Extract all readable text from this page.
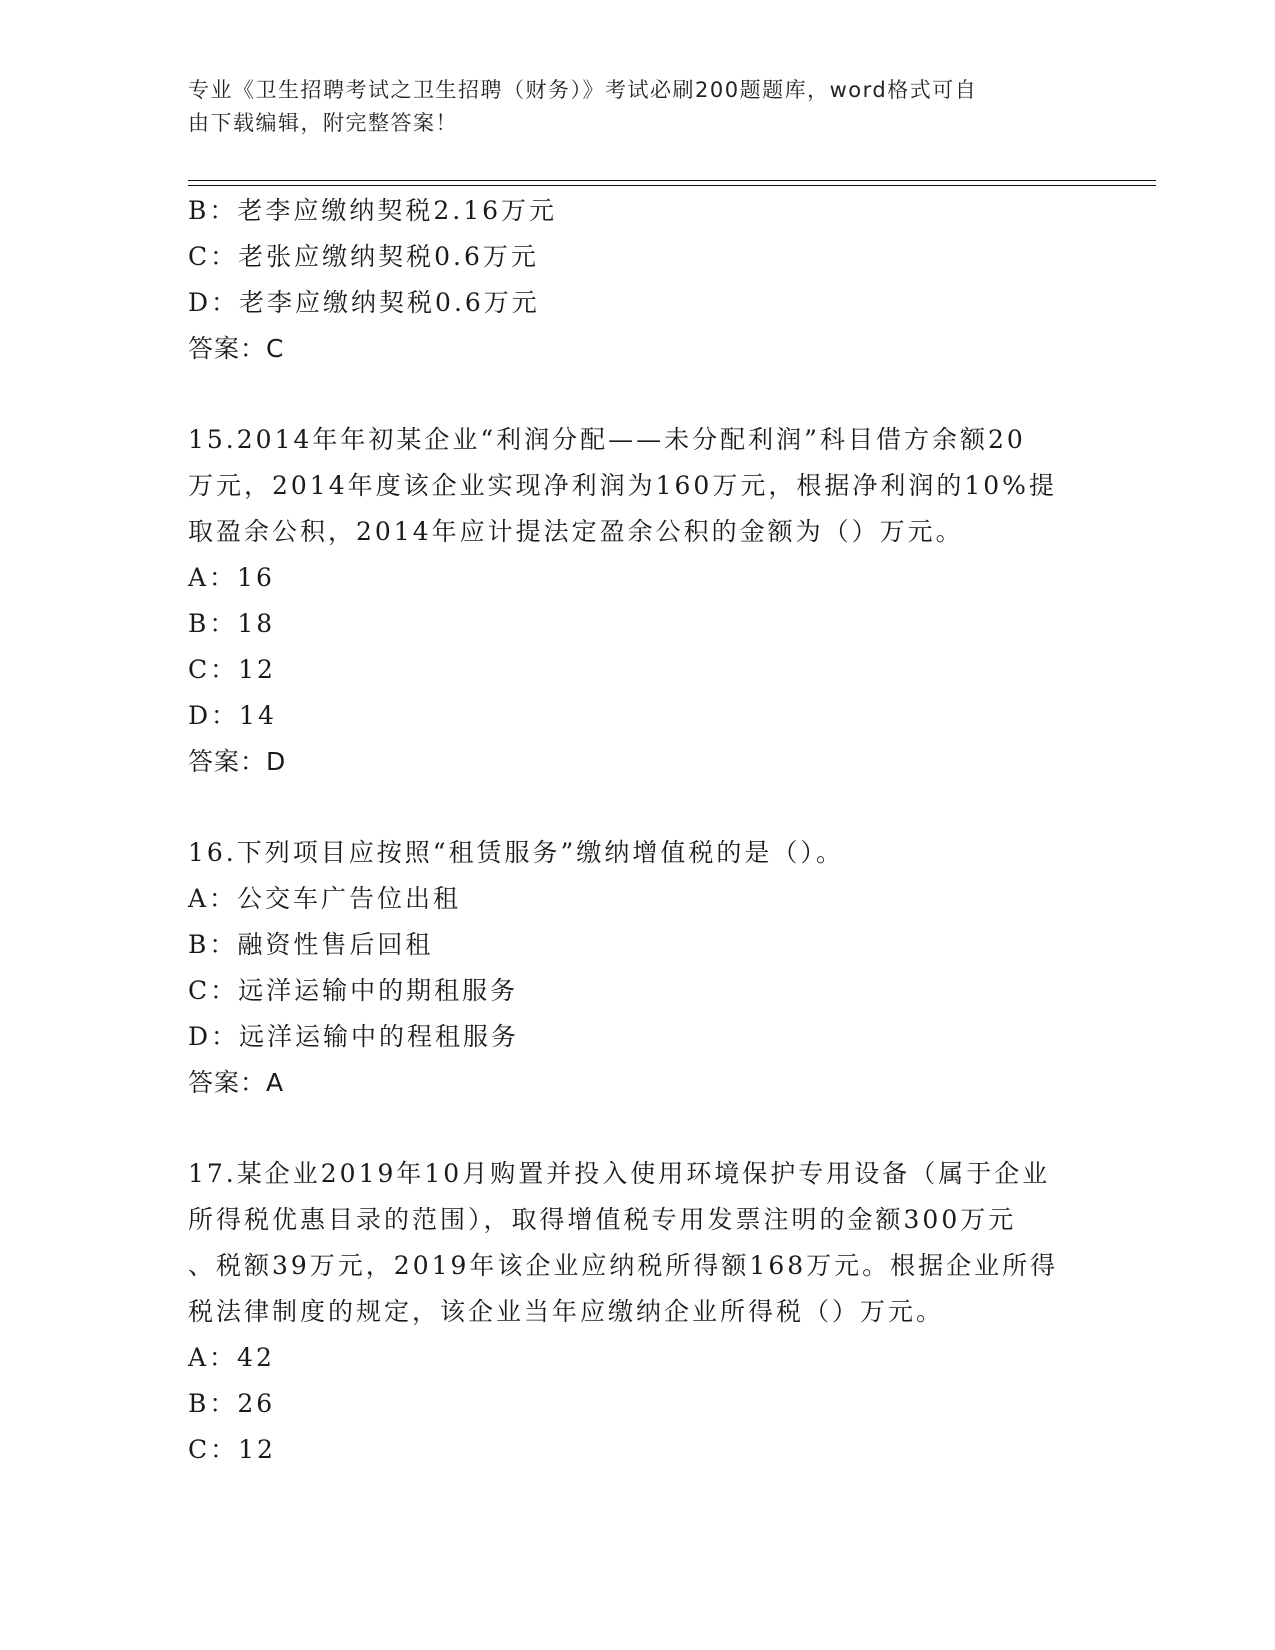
专业《卫生招聘考试之卫生招聘（财务）》考试必刷200题题库，word格式可自
由下载编辑，附完整答案！
B：老李应缴纳契税2.16万元
C：老张应缴纳契税0.6万元
D：老李应缴纳契税0.6万元
答案：C
15.2014年年初某企业“利润分配——未分配利润”科目借方余额20
万元，2014年度该企业实现净利润为160万元，根据净利润的10%提
取盈余公积，2014年应计提法定盈余公积的金额为（）万元。
A：16
B：18
C：12
D：14
答案：D
16.下列项目应按照“租赁服务”缴纳增值税的是（）。
A：公交车广告位出租
B：融资性售后回租
C：远洋运输中的期租服务
D：远洋运输中的程租服务
答案：A
17.某企业2019年10月购置并投入使用环境保护专用设备（属于企业
所得税优惠目录的范围），取得增值税专用发票注明的金额300万元
、税额39万元，2019年该企业应纳税所得额168万元。根据企业所得
税法律制度的规定，该企业当年应缴纳企业所得税（）万元。
A：42
B：26
C：12
